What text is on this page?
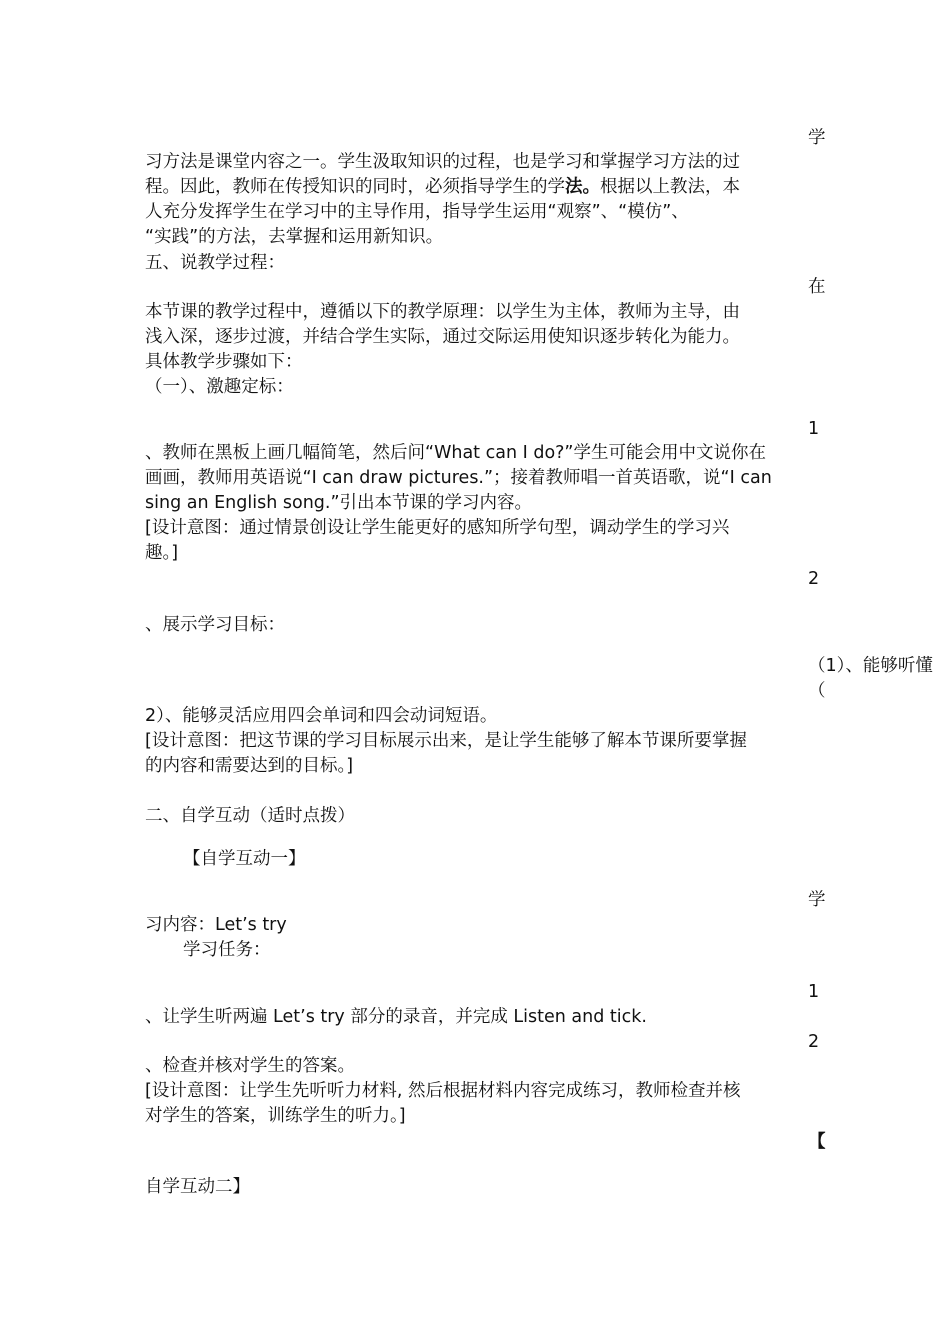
学
习方法是课堂内容之一。学生汲取知识的过程，也是学习和掌握学习方法的过
程。因此，教师在传授知识的同时，必须指导学生的学法。根据以上教法，本
人充分发挥学生在学习中的主导作用，指导学生运用“观察”、“模仿”、
“实践”的方法，去掌握和运用新知识。
五、说教学过程：
在
本节课的教学过程中，遵循以下的教学原理：以学生为主体，教师为主导，由
浅入深，逐步过渡，并结合学生实际，通过交际运用使知识逐步转化为能力。
具体教学步骤如下：
（一）、激趣定标：
1
、教师在黑板上画几幅简笔，然后问“What can I do?”学生可能会用中文说你在
画画，教师用英语说“I can draw pictures.”；接着教师唱一首英语歌，说“I can
sing an English song.”引出本节课的学习内容。
[设计意图：通过情景创设让学生能更好的感知所学句型，调动学生的学习兴
趣。]
2
、展示学习目标：
（1）、能够听懂
（
2）、能够灵活应用四会单词和四会动词短语。
[设计意图：把这节课的学习目标展示出来，是让学生能够了解本节课所要掌握
的内容和需要达到的目标。]
二、自学互动（适时点拨）
【自学互动一】
学
习内容：Let’s try
学习任务：
1
、让学生听两遍 Let’s try 部分的录音，并完成 Listen and tick.
2
、检查并核对学生的答案。
[设计意图：让学生先听听力材料, 然后根据材料内容完成练习，教师检查并核
对学生的答案，训练学生的听力。]
【
自学互动二】
